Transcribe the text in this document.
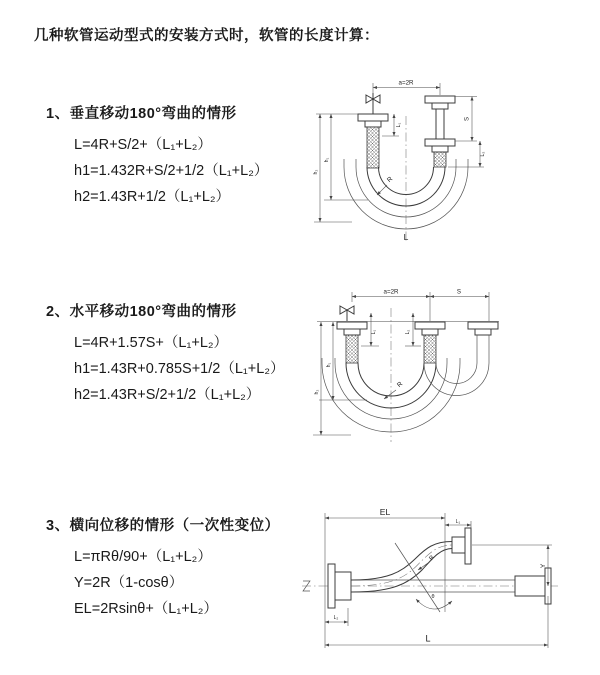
几种软管运动型式的安装方式时，软管的长度计算：
1、垂直移动180°弯曲的情形
L=4R+S/2+（L₁+L₂）
h1=1.432R+S/2+1/2（L₁+L₂）
h2=1.43R+1/2（L₁+L₂）
2、水平移动180°弯曲的情形
L=4R+1.57S+（L₁+L₂）
h1=1.43R+0.785S+1/2（L₁+L₂）
h2=1.43R+S/2+1/2（L₁+L₂）
3、横向位移的情形（一次性变位）
L=πRθ/90+（L₁+L₂）
Y=2R（1-cosθ）
EL=2Rsinθ+（L₁+L₂）
a=2R
L₁
S
L₂
h₁
h₂
R
L
a=2R	S
h₁
h₂
L₁	L₂
R
EL
L₁
Y
L
L₂
R
θ
